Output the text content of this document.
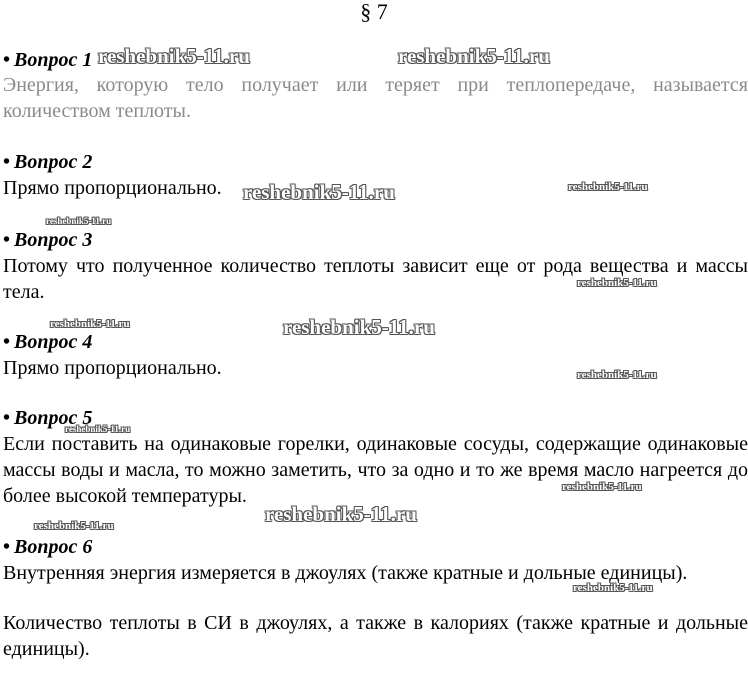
§ 7
• Вопрос 1

Энергия, которую тело получает или теряет при теплопередаче, называется количеством теплоты.

• Вопрос 2

Прямо пропорционально.

• Вопрос 3

Потому что полученное количество теплоты зависит еще от рода вещества и массы тела.

• Вопрос 4

Прямо пропорционально.

• Вопрос 5

Если поставить на одинаковые горелки, одинаковые сосуды, содержащие одинаковые массы воды и масла, то можно заметить, что за одно и то же время масло нагреется до более высокой температуры.

• Вопрос 6

Внутренняя энергия измеряется в джоулях (также кратные и дольные единицы).

Количество теплоты в СИ в джоулях, а также в калориях (также кратные и дольные единицы).

reshebnik5-11.ru	reshebnik5-11.ru
reshebnik5-11.ru	reshebnik5-11.ru
reshebnik5-11.ru
reshebnik5-11.ru
reshebnik5-11.ru	reshebnik5-11.ru
reshebnik5-11.ru
reshebnik5-11.ru
reshebnik5-11.ru
reshebnik5-11.ru
reshebnik5-11.ru
reshebnik5-11.ru
